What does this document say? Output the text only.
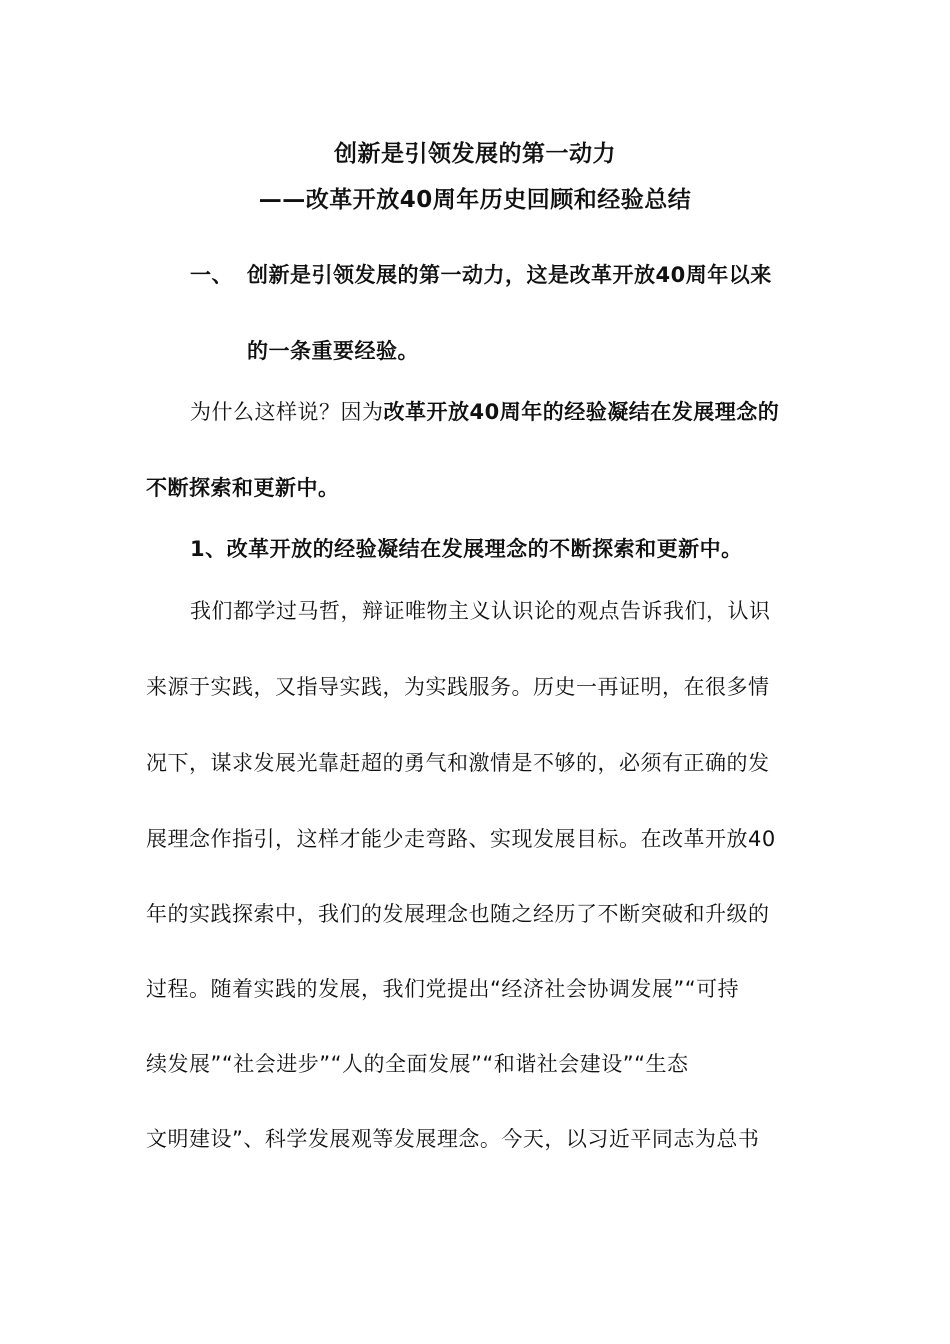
创新是引领发展的第一动力
——改革开放40周年历史回顾和经验总结
一、 创新是引领发展的第一动力，这是改革开放40周年以来
的一条重要经验。
为什么这样说？因为改革开放40周年的经验凝结在发展理念的
不断探索和更新中。
1、改革开放的经验凝结在发展理念的不断探索和更新中。
我们都学过马哲，辩证唯物主义认识论的观点告诉我们，认识
来源于实践，又指导实践，为实践服务。历史一再证明，在很多情
况下，谋求发展光靠赶超的勇气和激情是不够的，必须有正确的发
展理念作指引，这样才能少走弯路、实现发展目标。在改革开放40
年的实践探索中，我们的发展理念也随之经历了不断突破和升级的
过程。随着实践的发展，我们党提出“经济社会协调发展”“可持
续发展”“社会进步”“人的全面发展”“和谐社会建设”“生态
文明建设”、科学发展观等发展理念。今天，以习近平同志为总书
